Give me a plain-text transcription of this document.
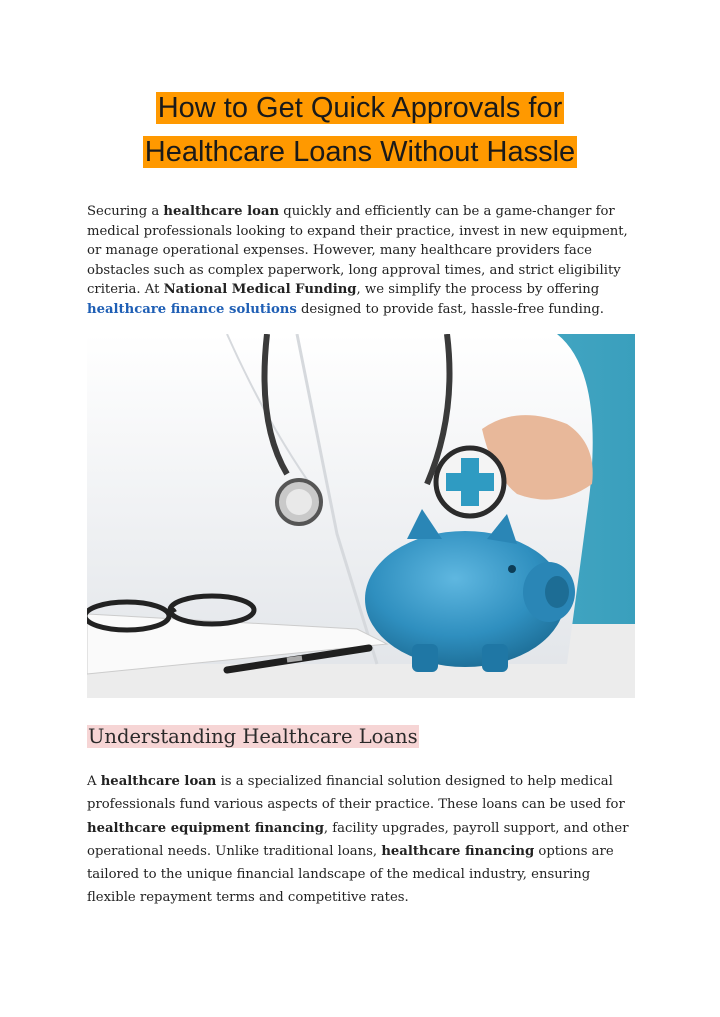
How to Get Quick Approvals for
Healthcare Loans Without Hassle

Securing a healthcare loan quickly and efficiently can be a game-changer for medical professionals looking to expand their practice, invest in new equipment, or manage operational expenses. However, many healthcare providers face obstacles such as complex paperwork, long approval times, and strict eligibility criteria. At National Medical Funding, we simplify the process by offering healthcare finance solutions designed to provide fast, hassle-free funding.

Understanding Healthcare Loans

A healthcare loan is a specialized financial solution designed to help medical professionals fund various aspects of their practice. These loans can be used for healthcare equipment financing, facility upgrades, payroll support, and other operational needs. Unlike traditional loans, healthcare financing options are tailored to the unique financial landscape of the medical industry, ensuring flexible repayment terms and competitive rates.
